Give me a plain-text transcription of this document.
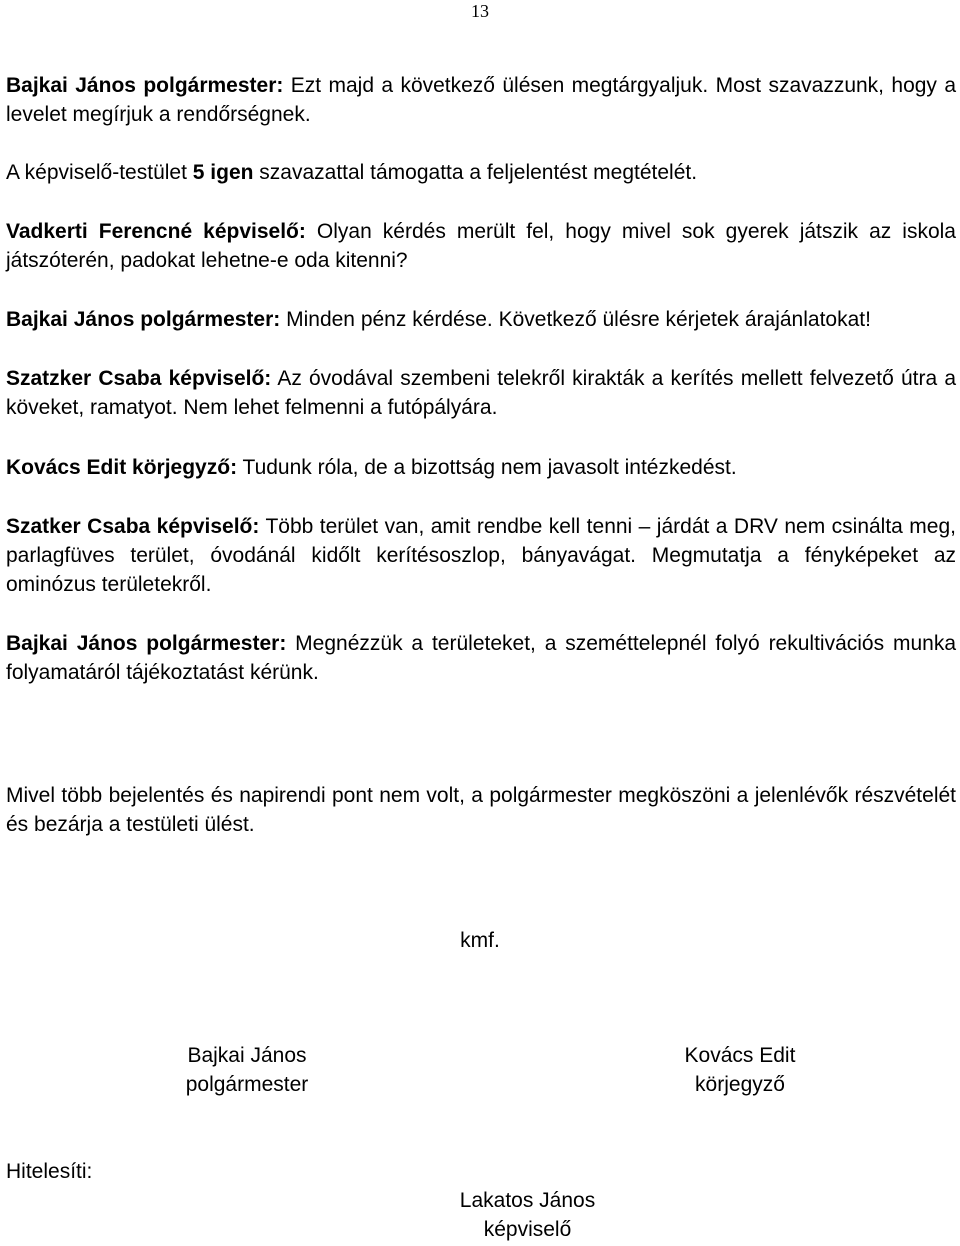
13

Bajkai János polgármester: Ezt majd a következő ülésen megtárgyaljuk. Most szavazzunk, hogy a levelet megírjuk a rendőrségnek.

A képviselő-testület 5 igen szavazattal támogatta a feljelentést megtételét.

Vadkerti Ferencné képviselő: Olyan kérdés merült fel, hogy mivel sok gyerek játszik az iskola játszóterén, padokat lehetne-e oda kitenni?

Bajkai János polgármester: Minden pénz kérdése. Következő ülésre kérjetek árajánlatokat!

Szatzker Csaba képviselő: Az óvodával szembeni telekről kirakták a kerítés mellett felvezető útra a köveket, ramatyot. Nem lehet felmenni a futópályára.

Kovács Edit körjegyző: Tudunk róla, de a bizottság nem javasolt intézkedést.

Szatker Csaba képviselő: Több terület van, amit rendbe kell tenni – járdát a DRV nem csinálta meg, parlagfüves terület, óvodánál kidőlt kerítésoszlop, bányavágat. Megmutatja a fényképeket az ominózus területekről.

Bajkai János polgármester: Megnézzük a területeket, a szeméttelepnél folyó rekultivációs munka folyamatáról tájékoztatást kérünk.

Mivel több bejelentés és napirendi pont nem volt, a polgármester megköszöni a jelenlévők részvételét és bezárja a testületi ülést.

kmf.
Bajkai János
polgármester
Kovács Edit
körjegyző
Hitelesíti:
Lakatos János
képviselő
